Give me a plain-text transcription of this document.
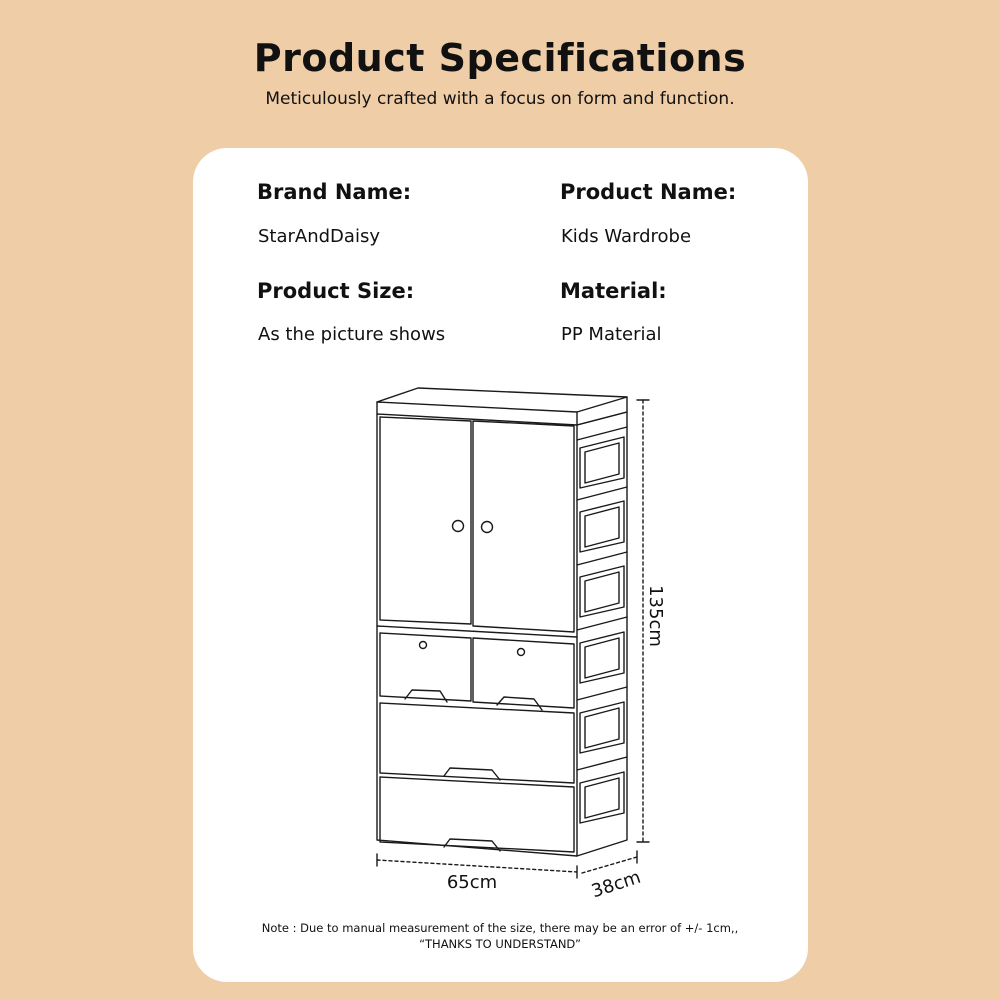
Product Specifications
Meticulously crafted with a focus on form and function.
Brand Name:
StarAndDaisy
Product Name:
Kids Wardrobe
Product Size:
As the picture shows
Material:
PP Material
135cm
65cm	38cm
Note : Due to manual measurement of the size, there may be an error of +/- 1cm,,
“THANKS TO UNDERSTAND”
